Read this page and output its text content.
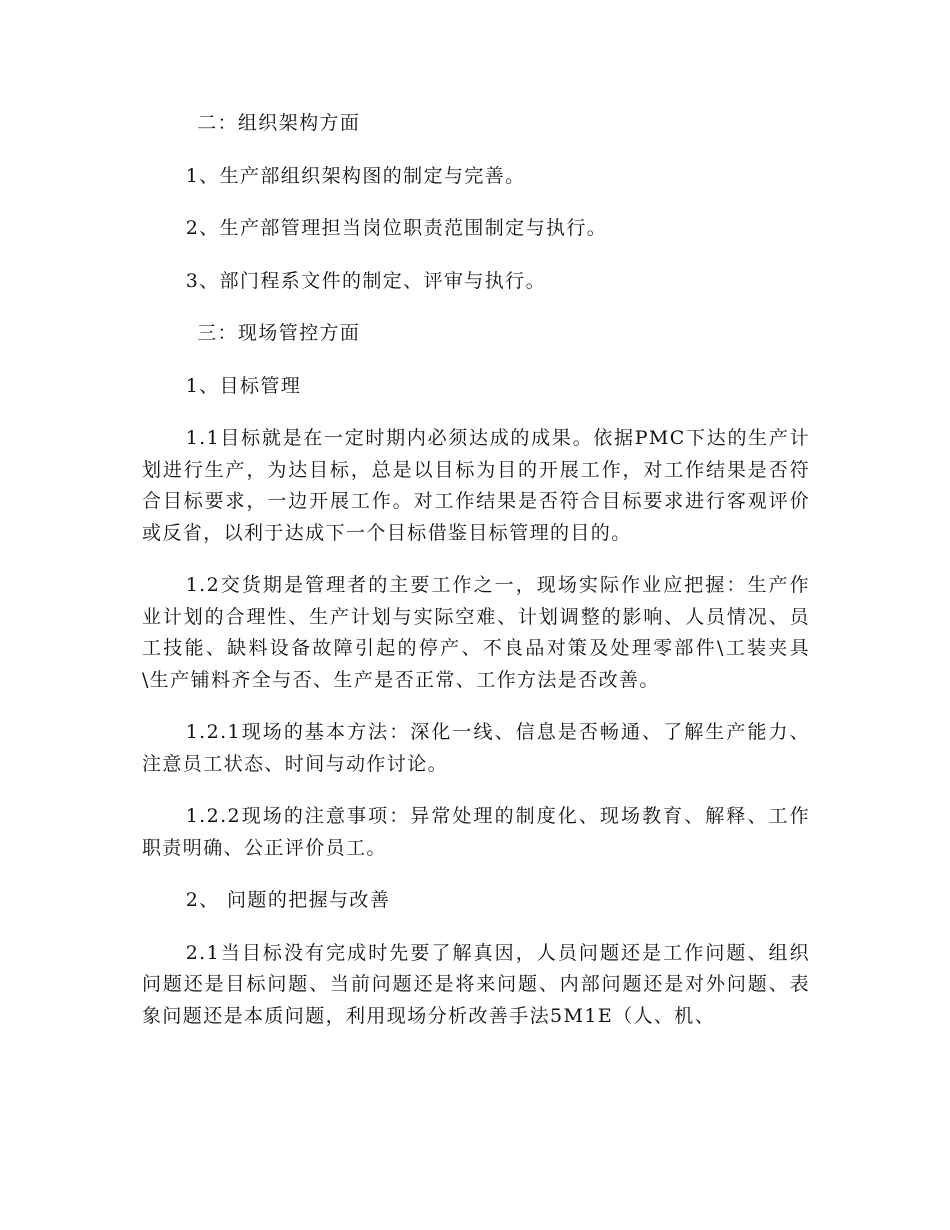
二：组织架构方面

1、生产部组织架构图的制定与完善。

2、生产部管理担当岗位职责范围制定与执行。

3、部门程系文件的制定、评审与执行。

三：现场管控方面

1、目标管理

1.1目标就是在一定时期内必须达成的成果。依据PMC下达的生产计划进行生产，为达目标，总是以目标为目的开展工作，对工作结果是否符合目标要求，一边开展工作。对工作结果是否符合目标要求进行客观评价或反省，以利于达成下一个目标借鉴目标管理的目的。

1.2交货期是管理者的主要工作之一，现场实际作业应把握：生产作业计划的合理性、生产计划与实际空难、计划调整的影响、人员情况、员工技能、缺料设备故障引起的停产、不良品对策及处理零部件\工装夹具\生产铺料齐全与否、生产是否正常、工作方法是否改善。

1.2.1现场的基本方法：深化一线、信息是否畅通、了解生产能力、注意员工状态、时间与动作讨论。

1.2.2现场的注意事项：异常处理的制度化、现场教育、解释、工作职责明确、公正评价员工。

2、 问题的把握与改善

2.1当目标没有完成时先要了解真因，人员问题还是工作问题、组织问题还是目标问题、当前问题还是将来问题、内部问题还是对外问题、表象问题还是本质问题，利用现场分析改善手法5M1E（人、机、
